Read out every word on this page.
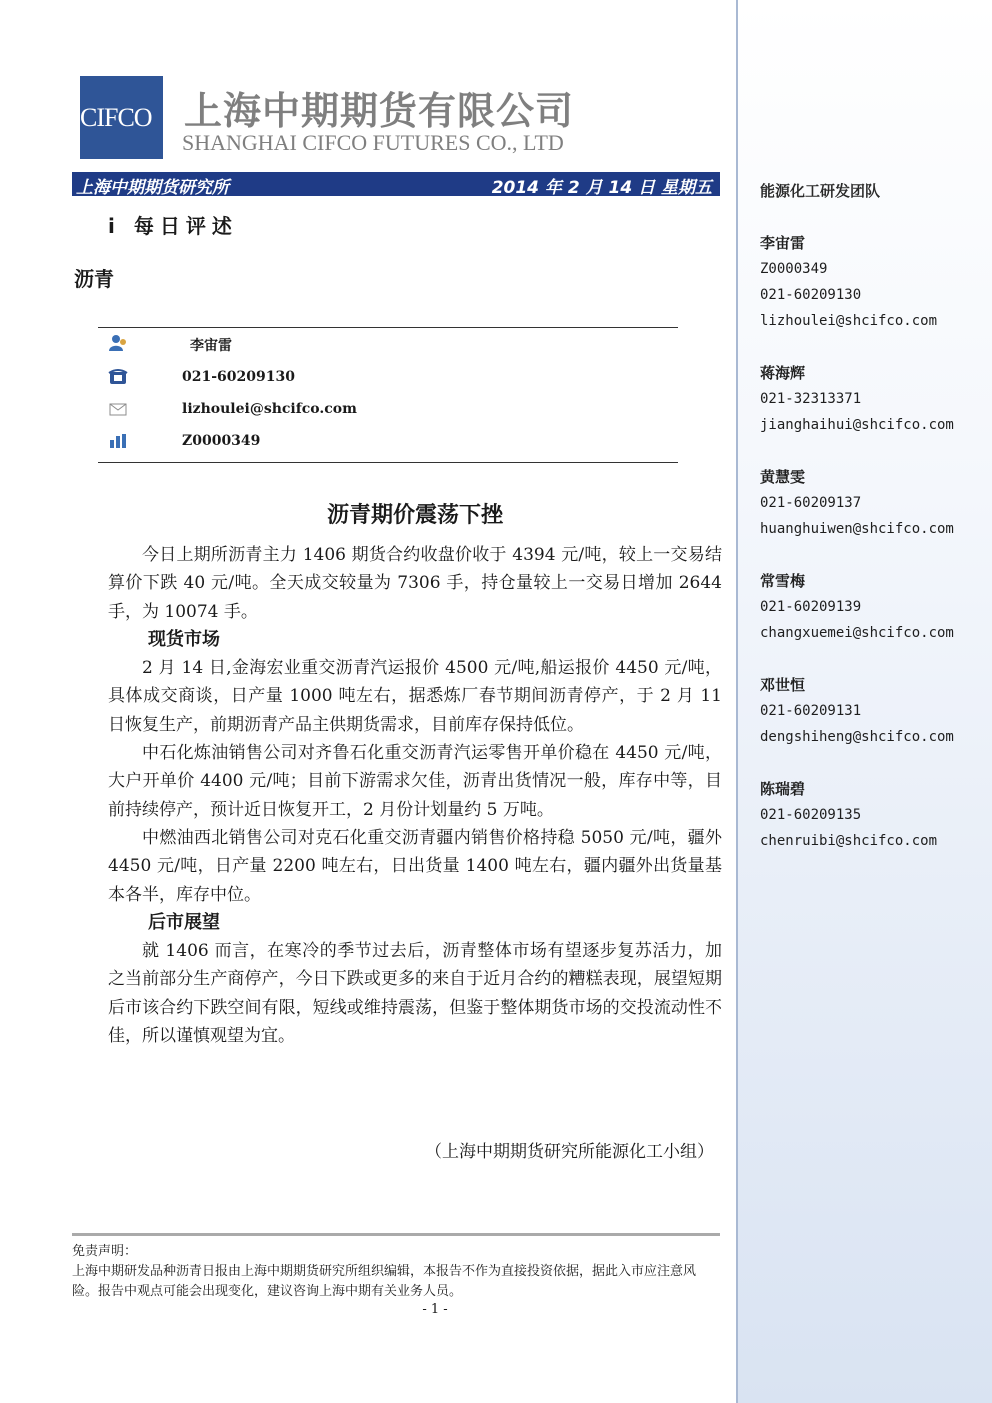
CIFCO 上海中期期货有限公司
SHANGHAI CIFCO FUTURES CO., LTD
上海中期期货研究所	2014 年 2 月 14 日 星期五
i 每日评述
沥青
李宙雷
021-60209130
lizhoulei@shcifco.com
Z0000349
沥青期价震荡下挫

今日上期所沥青主力 1406 期货合约收盘价收于 4394 元/吨，较上一交易结算价下跌 40 元/吨。全天成交较量为 7306 手，持仓量较上一交易日增加 2644 手，为 10074 手。

现货市场

2 月 14 日,金海宏业重交沥青汽运报价 4500 元/吨,船运报价 4450 元/吨，具体成交商谈，日产量 1000 吨左右，据悉炼厂春节期间沥青停产，于 2 月 11 日恢复生产，前期沥青产品主供期货需求，目前库存保持低位。

中石化炼油销售公司对齐鲁石化重交沥青汽运零售开单价稳在 4450 元/吨，大户开单价 4400 元/吨；目前下游需求欠佳，沥青出货情况一般，库存中等，目前持续停产，预计近日恢复开工，2 月份计划量约 5 万吨。

中燃油西北销售公司对克石化重交沥青疆内销售价格持稳 5050 元/吨，疆外 4450 元/吨，日产量 2200 吨左右，日出货量 1400 吨左右，疆内疆外出货量基本各半，库存中位。

后市展望

就 1406 而言，在寒冷的季节过去后，沥青整体市场有望逐步复苏活力，加之当前部分生产商停产，今日下跌或更多的来自于近月合约的糟糕表现，展望短期后市该合约下跌空间有限，短线或维持震荡，但鉴于整体期货市场的交投流动性不佳，所以谨慎观望为宜。

（上海中期期货研究所能源化工小组）
免责声明：
上海中期研发品种沥青日报由上海中期期货研究所组织编辑，本报告不作为直接投资依据，据此入市应注意风险。报告中观点可能会出现变化，建议咨询上海中期有关业务人员。
- 1 -
能源化工研发团队
李宙雷
Z0000349
021-60209130
lizhoulei@shcifco.com
蒋海辉
021-32313371
jianghaihui@shcifco.com
黄慧雯
021-60209137
huanghuiwen@shcifco.com
常雪梅
021-60209139
changxuemei@shcifco.com
邓世恒
021-60209131
dengshiheng@shcifco.com
陈瑞碧
021-60209135
chenruibi@shcifco.com
